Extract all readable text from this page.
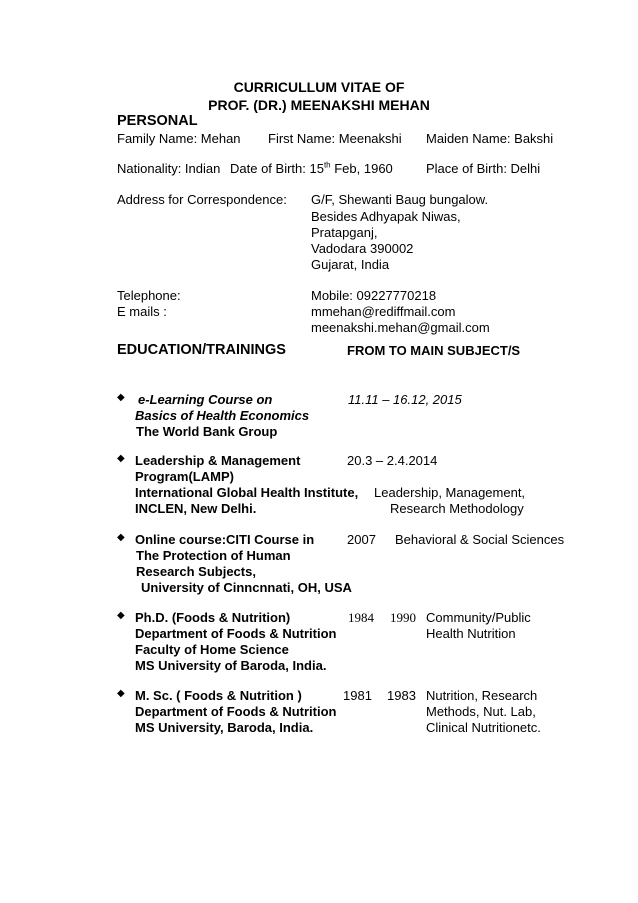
CURRICULLUM VITAE OF
PROF. (DR.) MEENAKSHI MEHAN
PERSONAL
Family Name: Mehan First Name: Meenakshi Maiden Name: Bakshi
Nationality: Indian Date of Birth: 15th Feb, 1960	Place of Birth: Delhi
Address for Correspondence: G/F, Shewanti Baug bungalow.
Besides Adhyapak Niwas,
Pratapganj,
Vadodara 390002
Gujarat, India
Telephone:	Mobile: 09227770218
E mails :	mmehan@rediffmail.com
meenakshi.mehan@gmail.com
EDUCATION/TRAININGS	FROM TO MAIN SUBJECT/S
◆ e-Learning Course on
Basics of Health Economics
The World Bank Group
11.11 – 16.12, 2015
◆ Leadership & Management
Program(LAMP)
International Global Health Institute,
INCLEN, New Delhi.
20.3 – 2.4.2014
Leadership, Management,
Research Methodology
◆ Online course:CITI Course in
The Protection of Human
Research Subjects,
University of Cinncnnati, OH, USA
2007 Behavioral & Social Sciences
◆ Ph.D. (Foods & Nutrition)
Department of Foods & Nutrition
Faculty of Home Science
MS University of Baroda, India.
1984 1990 Community/Public
Health Nutrition
◆ M. Sc. ( Foods & Nutrition )
Department of Foods & Nutrition
MS University, Baroda, India.
1981 1983 Nutrition, Research
Methods, Nut. Lab,
Clinical Nutritionetc.
